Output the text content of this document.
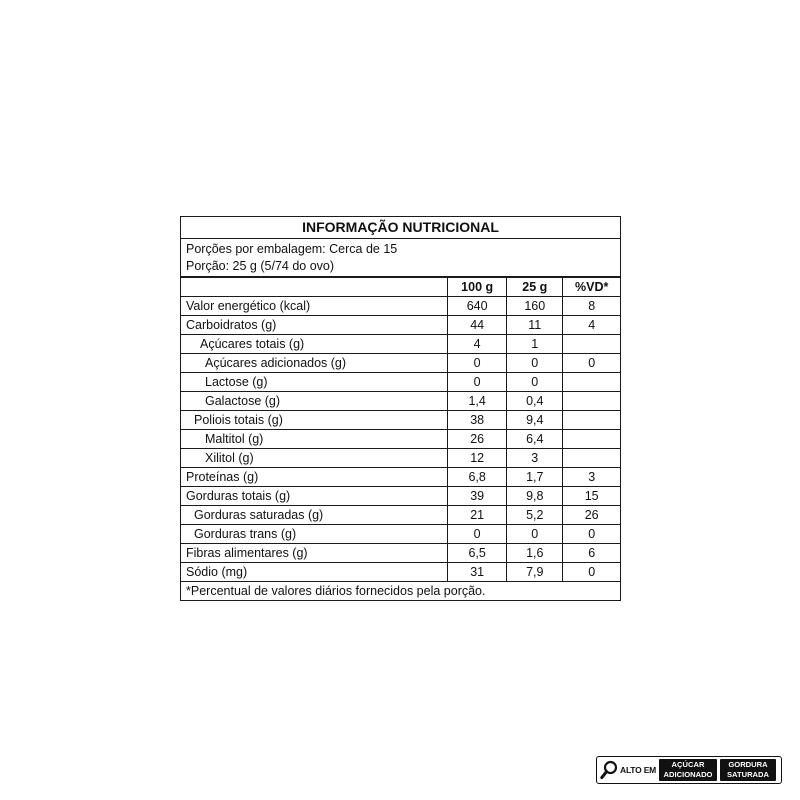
INFORMAÇÃO NUTRICIONAL
Porções por embalagem: Cerca de 15
Porção: 25 g (5/74 do ovo)
	100 g	25 g	%VD*
Valor energético (kcal)	640	160	8
Carboidratos (g)	44	11	4
Açúcares totais (g)	4	1	
Açúcares adicionados (g)	0	0	0
Lactose (g)	0	0	
Galactose (g)	1,4	0,4	
Poliois totais (g)	38	9,4	
Maltitol (g)	26	6,4	
Xilitol (g)	12	3	
Proteínas (g)	6,8	1,7	3
Gorduras totais (g)	39	9,8	15
Gorduras saturadas (g)	21	5,2	26
Gorduras trans (g)	0	0	0
Fibras alimentares (g)	6,5	1,6	6
Sódio (mg)	31	7,9	0
*Percentual de valores diários fornecidos pela porção.
ALTO EM
AÇÚCAR
ADICIONADO
GORDURA
SATURADA
